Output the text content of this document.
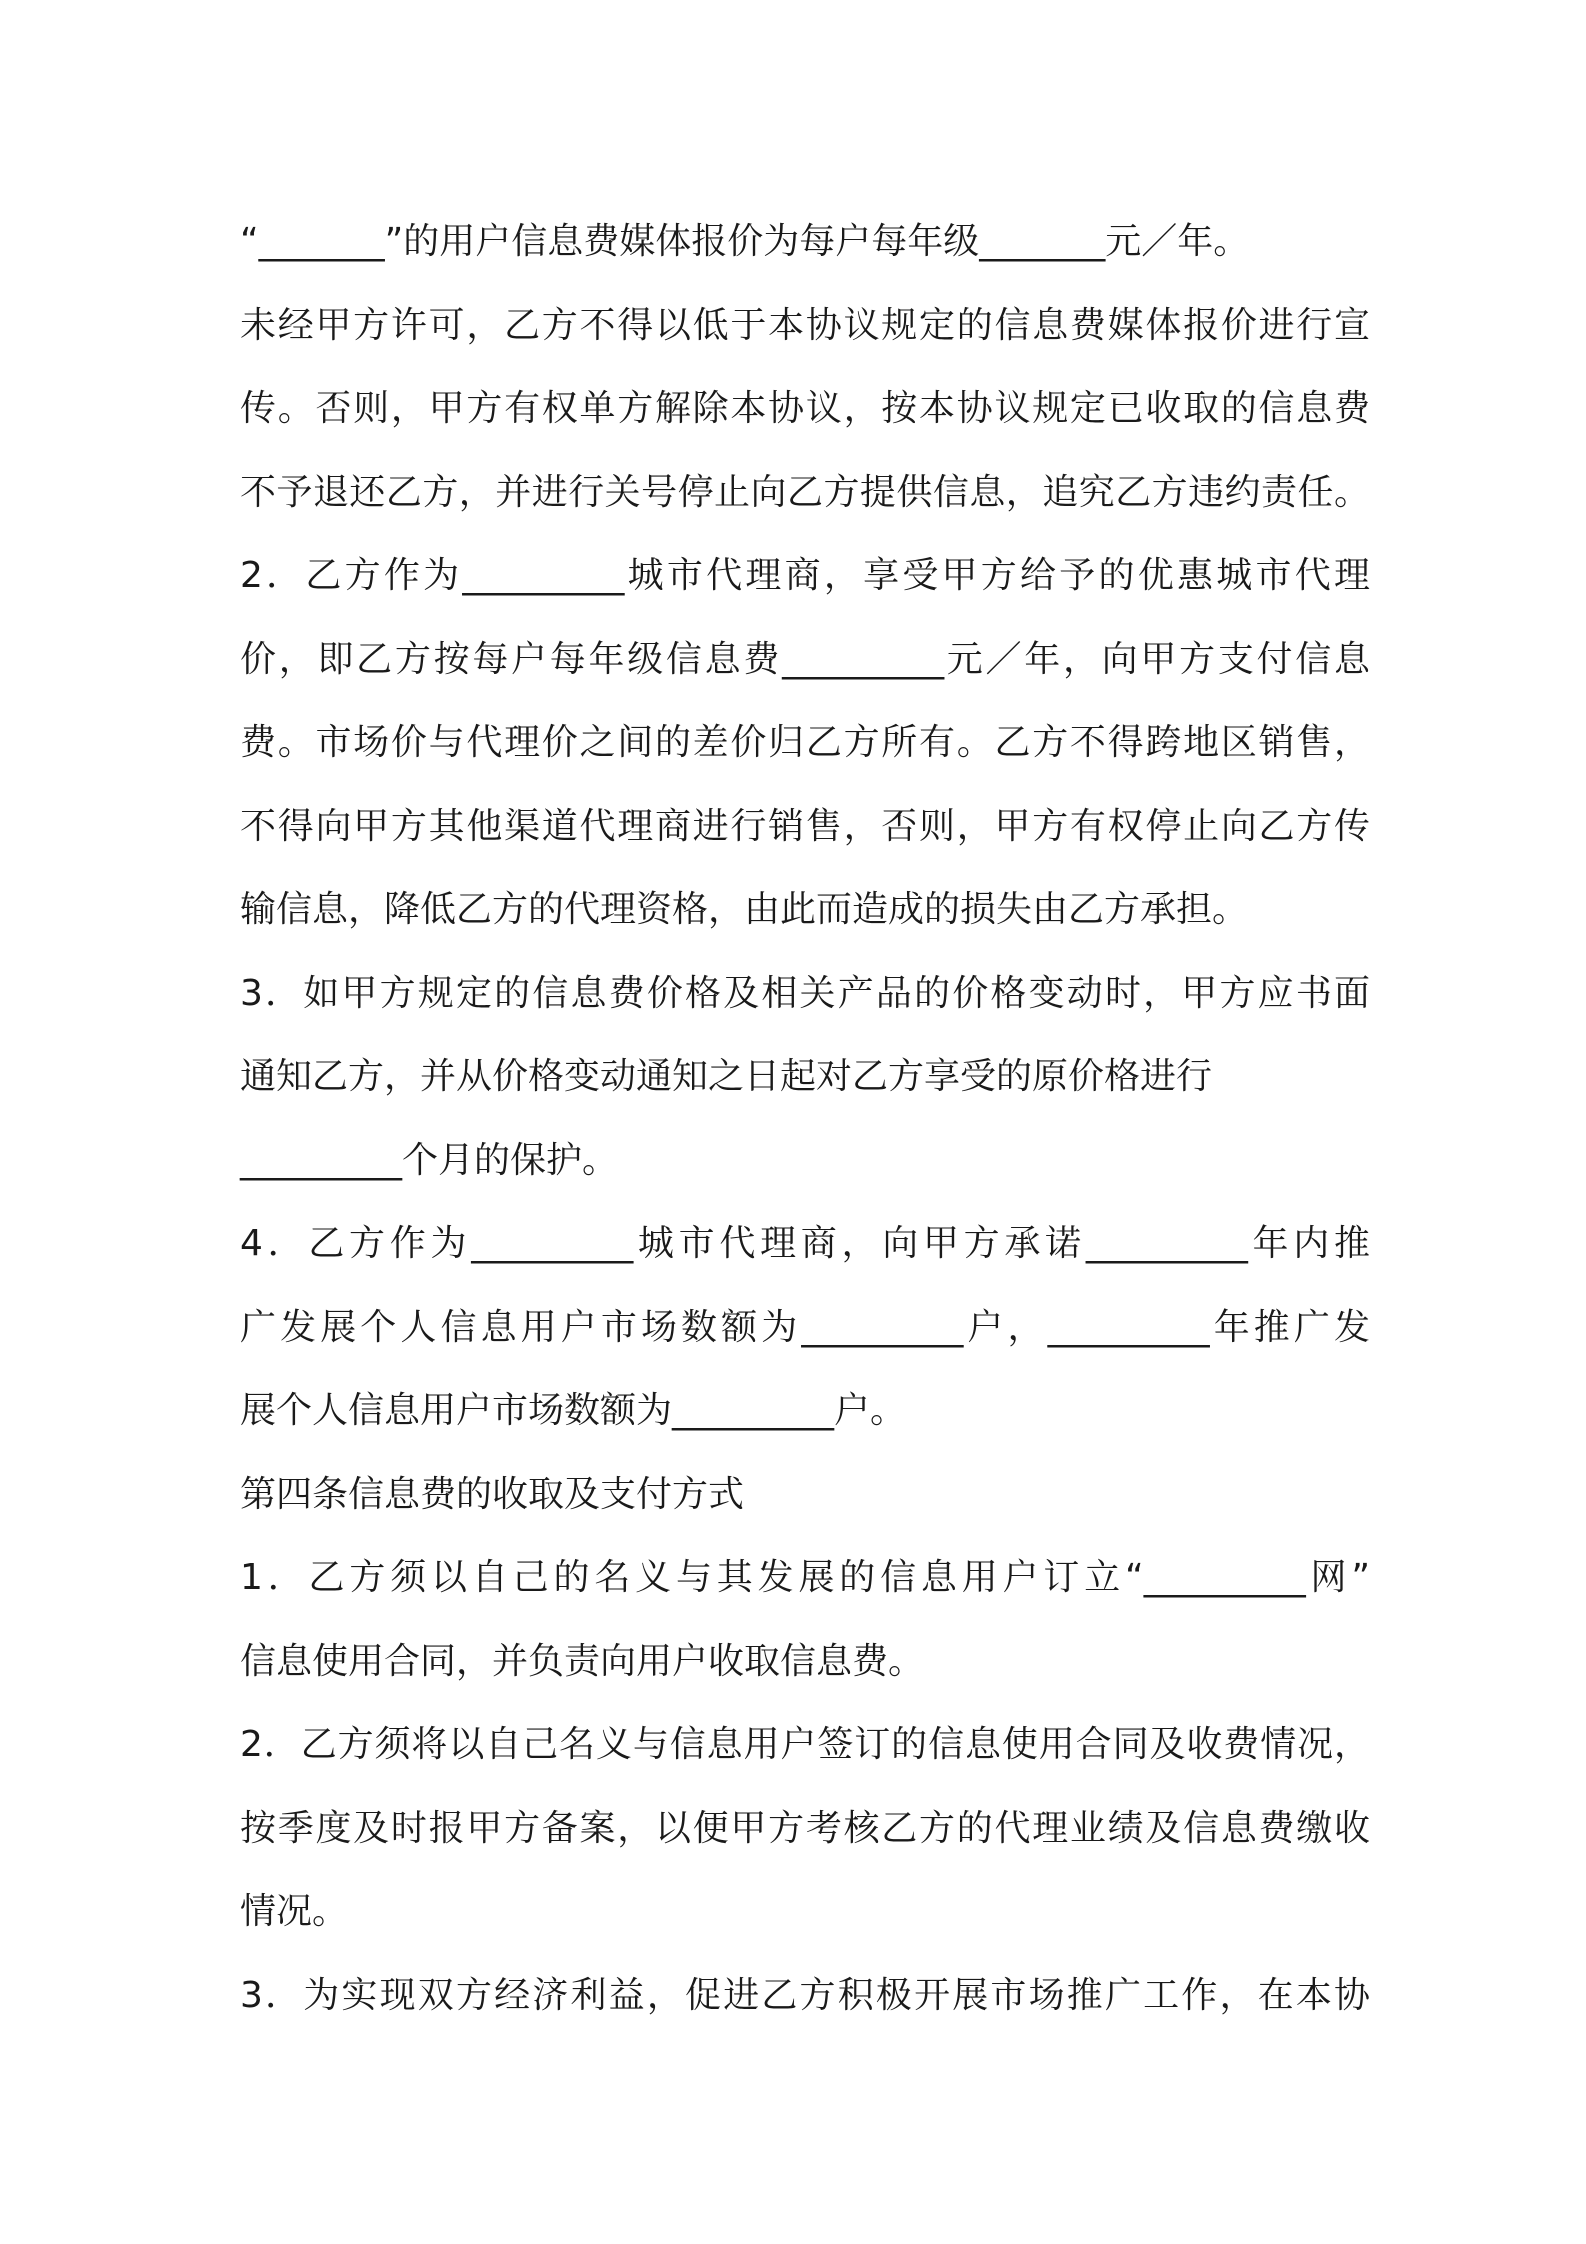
“_______”的用户信息费媒体报价为每户每年级_______元／年。
未经甲方许可，乙方不得以低于本协议规定的信息费媒体报价进行宣
传。否则，甲方有权单方解除本协议，按本协议规定已收取的信息费
不予退还乙方，并进行关号停止向乙方提供信息，追究乙方违约责任。
2．乙方作为_________城市代理商，享受甲方给予的优惠城市代理
价，即乙方按每户每年级信息费_________元／年，向甲方支付信息
费。市场价与代理价之间的差价归乙方所有。乙方不得跨地区销售，
不得向甲方其他渠道代理商进行销售，否则，甲方有权停止向乙方传
输信息，降低乙方的代理资格，由此而造成的损失由乙方承担。
3．如甲方规定的信息费价格及相关产品的价格变动时，甲方应书面
通知乙方，并从价格变动通知之日起对乙方享受的原价格进行
_________个月的保护。
4．乙方作为_________城市代理商，向甲方承诺_________年内推
广发展个人信息用户市场数额为_________户，_________年推广发
展个人信息用户市场数额为_________户。
第四条信息费的收取及支付方式
1．乙方须以自己的名义与其发展的信息用户订立“_________网”
信息使用合同，并负责向用户收取信息费。
2．乙方须将以自己名义与信息用户签订的信息使用合同及收费情况，
按季度及时报甲方备案，以便甲方考核乙方的代理业绩及信息费缴收
情况。
3．为实现双方经济利益，促进乙方积极开展市场推广工作，在本协
